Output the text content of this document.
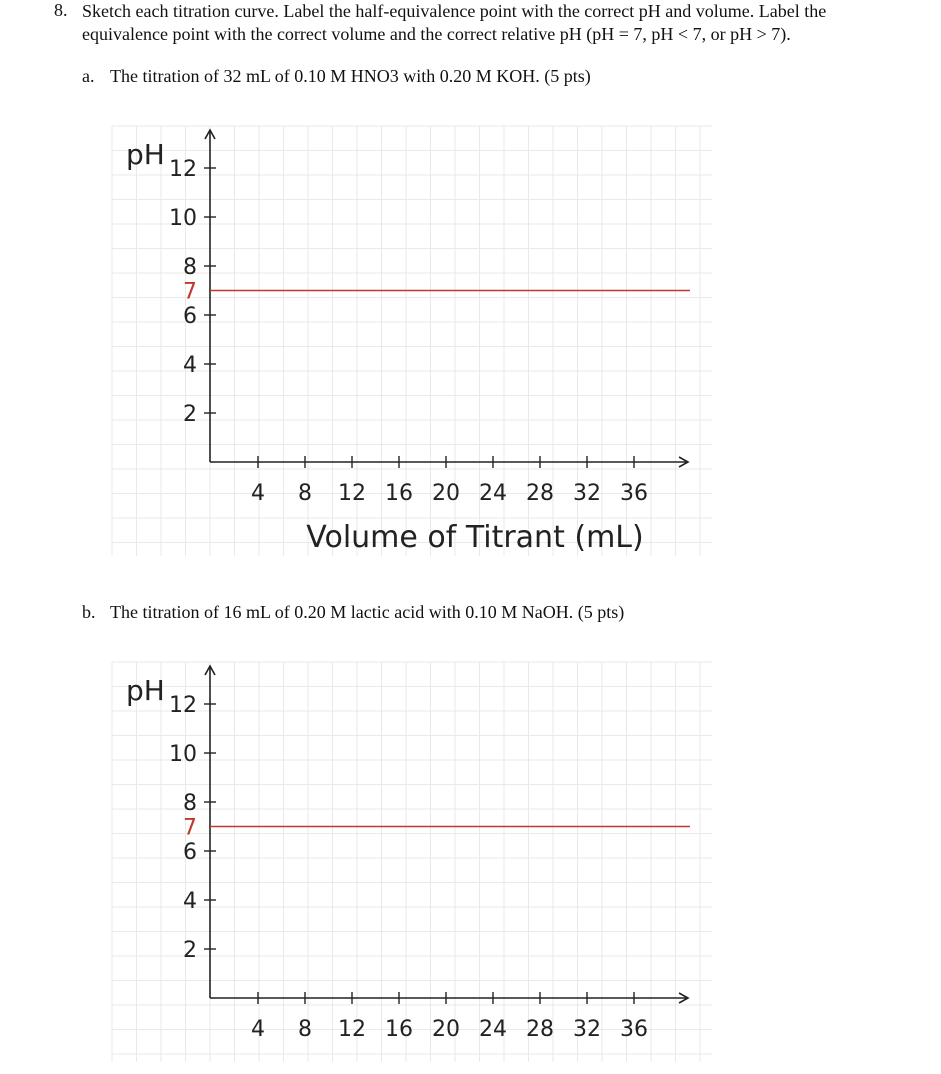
8. Sketch each titration curve. Label the half-equivalence point with the correct pH and volume. Label the equivalence point with the correct volume and the correct relative pH (pH = 7, pH < 7, or pH > 7).
a. The titration of 32 mL of 0.10 M HNO3 with 0.20 M KOH. (5 pts)
pH 12
10
8
7
6
4
2
4 8 12 16 20 24 28 32 36
Volume of Titrant (mL)
b. The titration of 16 mL of 0.20 M lactic acid with 0.10 M NaOH. (5 pts)
pH 12
10
8
7
6
4
2
4 8 12 16 20 24 28 32 36
